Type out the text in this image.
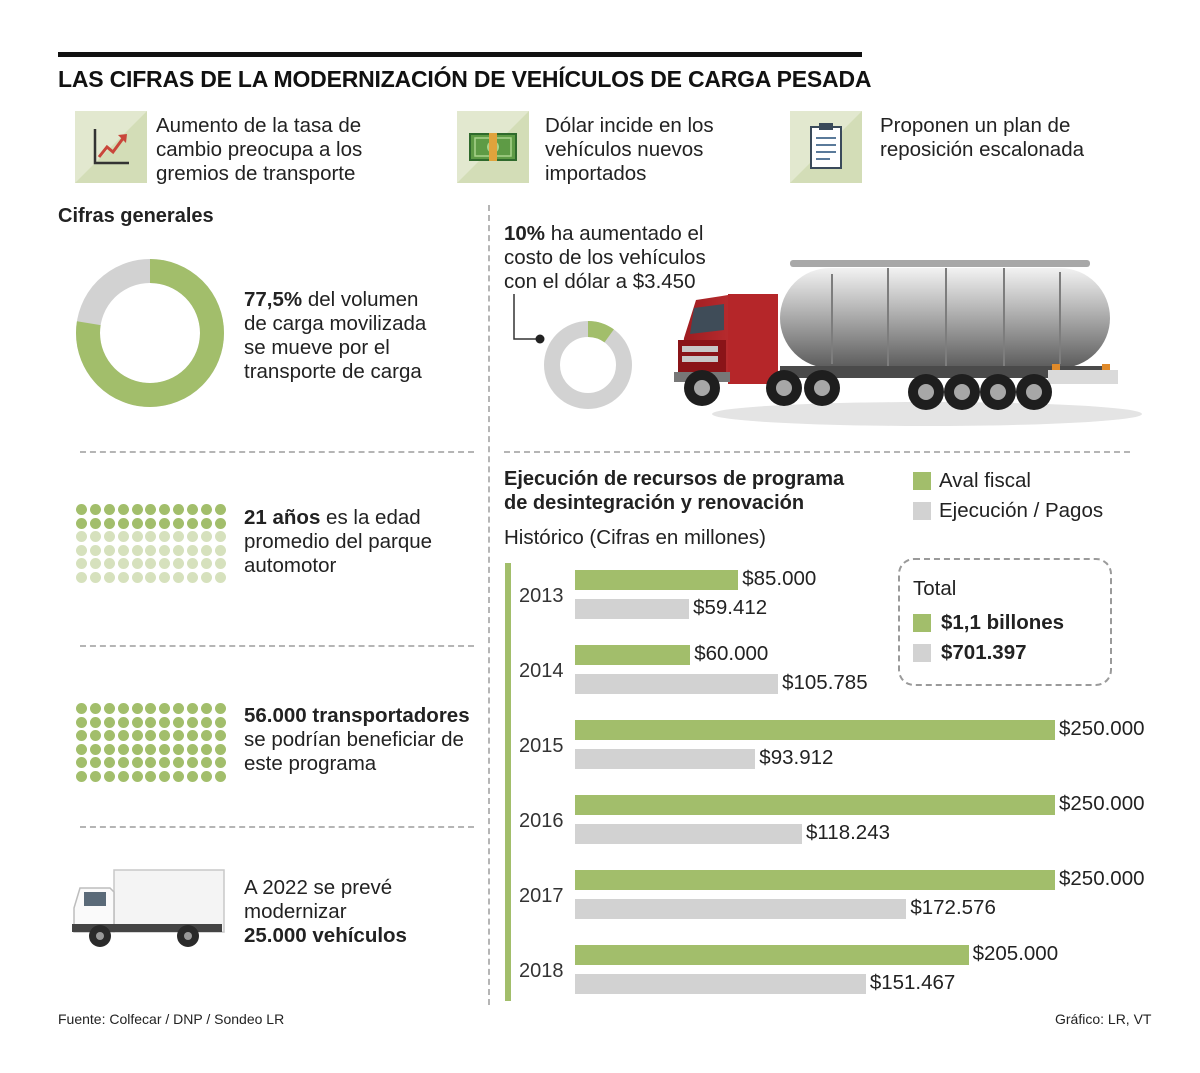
LAS CIFRAS DE LA MODERNIZACIÓN DE VEHÍCULOS DE CARGA PESADA
Aumento de la tasa de
cambio preocupa a los
gremios de transporte
Dólar incide en los
vehículos nuevos
importados
Proponen un plan de
reposición escalonada
Cifras generales
77,5% del volumen
de carga movilizada
se mueve por el
transporte de carga
21 años es la edad
promedio del parque
automotor
56.000 transportadores
se podrían beneficiar de
este programa
A 2022 se prevé
modernizar
25.000 vehículos
10% ha aumentado el
costo de los vehículos
con el dólar a $3.450
Ejecución de recursos de programa
de desintegración y renovación
Histórico (Cifras en millones)
Aval fiscal
Ejecución / Pagos
2013
$85.000
$59.412
2014
$60.000
$105.785
2015
$250.000
$93.912
2016
$250.000
$118.243
2017
$250.000
$172.576
2018
$205.000
$151.467
Total
$1,1 billones
$701.397
Fuente: Colfecar / DNP / Sondeo LR	Gráfico: LR, VT
